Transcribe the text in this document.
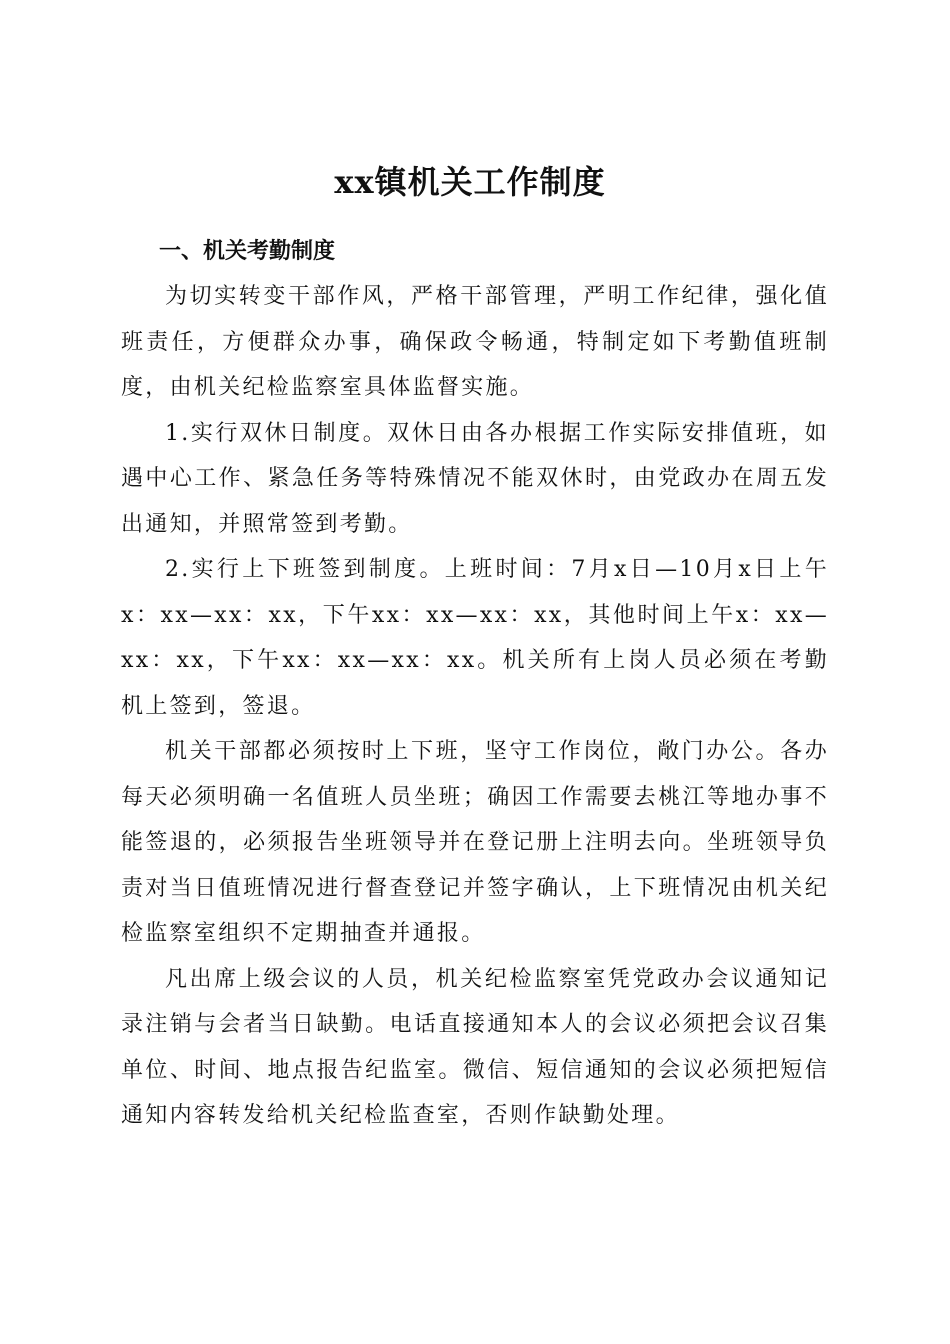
xx镇机关工作制度
一、机关考勤制度

为切实转变干部作风，严格干部管理，严明工作纪律，强化值班责任，方便群众办事，确保政令畅通，特制定如下考勤值班制度，由机关纪检监察室具体监督实施。

1.实行双休日制度。双休日由各办根据工作实际安排值班，如遇中心工作、紧急任务等特殊情况不能双休时，由党政办在周五发出通知，并照常签到考勤。

2.实行上下班签到制度。上班时间：7月x日—10月x日上午x：xx—xx：xx，下午xx：xx—xx：xx，其他时间上午x：xx—xx：xx，下午xx：xx—xx：xx。机关所有上岗人员必须在考勤机上签到，签退。

机关干部都必须按时上下班，坚守工作岗位，敞门办公。各办每天必须明确一名值班人员坐班；确因工作需要去桃江等地办事不能签退的，必须报告坐班领导并在登记册上注明去向。坐班领导负责对当日值班情况进行督查登记并签字确认，上下班情况由机关纪检监察室组织不定期抽查并通报。

凡出席上级会议的人员，机关纪检监察室凭党政办会议通知记录注销与会者当日缺勤。电话直接通知本人的会议必须把会议召集单位、时间、地点报告纪监室。微信、短信通知的会议必须把短信通知内容转发给机关纪检监查室，否则作缺勤处理。
